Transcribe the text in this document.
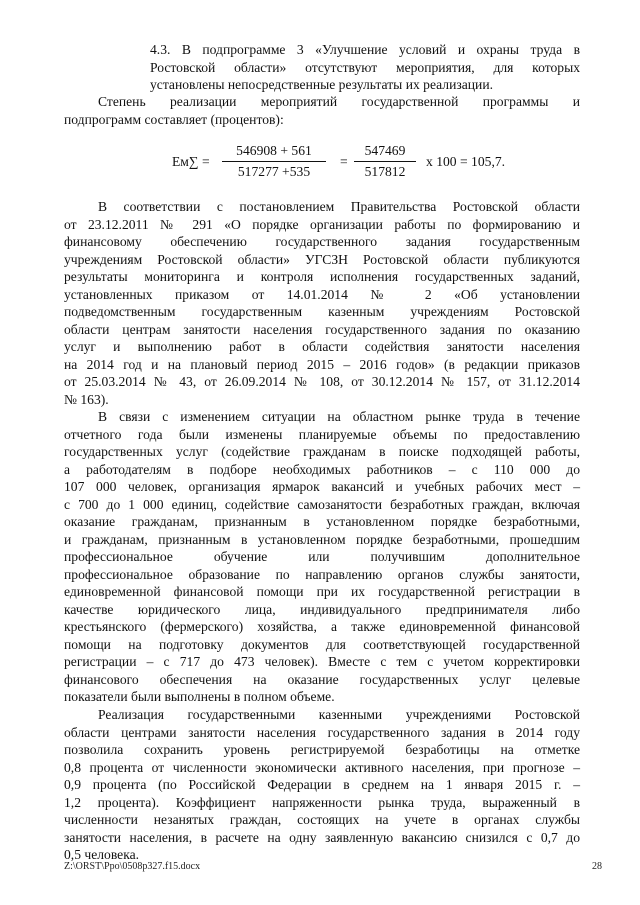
4.3. В подпрограмме 3 «Улучшение условий и охраны труда в
Ростовской области» отсутствуют мероприятия, для которых
установлены непосредственные результаты их реализации.
Степень реализации мероприятий государственной программы и
подпрограмм составляет (процентов):
$Ем\sum = \frac{546908 + 561}{517277 +535} = \frac{547469}{517812}$ х 100 = 105,7.
В соответствии с постановлением Правительства Ростовской области
от 23.12.2011 № 291 «О порядке организации работы по формированию и
финансовому обеспечению государственного задания государственным
учреждениям Ростовской области» УГСЗН Ростовской области публикуются
результаты мониторинга и контроля исполнения государственных заданий,
установленных приказом от 14.01.2014 № 2 «Об установлении
подведомственным государственным казенным учреждениям Ростовской
области центрам занятости населения государственного задания по оказанию
услуг и выполнению работ в области содействия занятости населения
на 2014 год и на плановый период 2015 – 2016 годов» (в редакции приказов
от 25.03.2014 № 43, от 26.09.2014 № 108, от 30.12.2014 № 157, от 31.12.2014
№ 163).
В связи с изменением ситуации на областном рынке труда в течение
отчетного года были изменены планируемые объемы по предоставлению
государственных услуг (содействие гражданам в поиске подходящей работы,
а работодателям в подборе необходимых работников – с 110 000 до
107 000 человек, организация ярмарок вакансий и учебных рабочих мест –
с 700 до 1 000 единиц, содействие самозанятости безработных граждан, включая
оказание гражданам, признанным в установленном порядке безработными,
и гражданам, признанным в установленном порядке безработными, прошедшим
профессиональное обучение или получившим дополнительное
профессиональное образование по направлению органов службы занятости,
единовременной финансовой помощи при их государственной регистрации в
качестве юридического лица, индивидуального предпринимателя либо
крестьянского (фермерского) хозяйства, а также единовременной финансовой
помощи на подготовку документов для соответствующей государственной
регистрации – с 717 до 473 человек). Вместе с тем с учетом корректировки
финансового обеспечения на оказание государственных услуг целевые
показатели были выполнены в полном объеме.
Реализация государственными казенными учреждениями Ростовской
области центрами занятости населения государственного задания в 2014 году
позволила сохранить уровень регистрируемой безработицы на отметке
0,8 процента от численности экономически активного населения, при прогнозе –
0,9 процента (по Российской Федерации в среднем на 1 января 2015 г. –
1,2 процента). Коэффициент напряженности рынка труда, выраженный в
численности незанятых граждан, состоящих на учете в органах службы
занятости населения, в расчете на одну заявленную вакансию снизился с 0,7 до
0,5 человека.
Z:\ORST\Ppo\0508p327.f15.docx	28
